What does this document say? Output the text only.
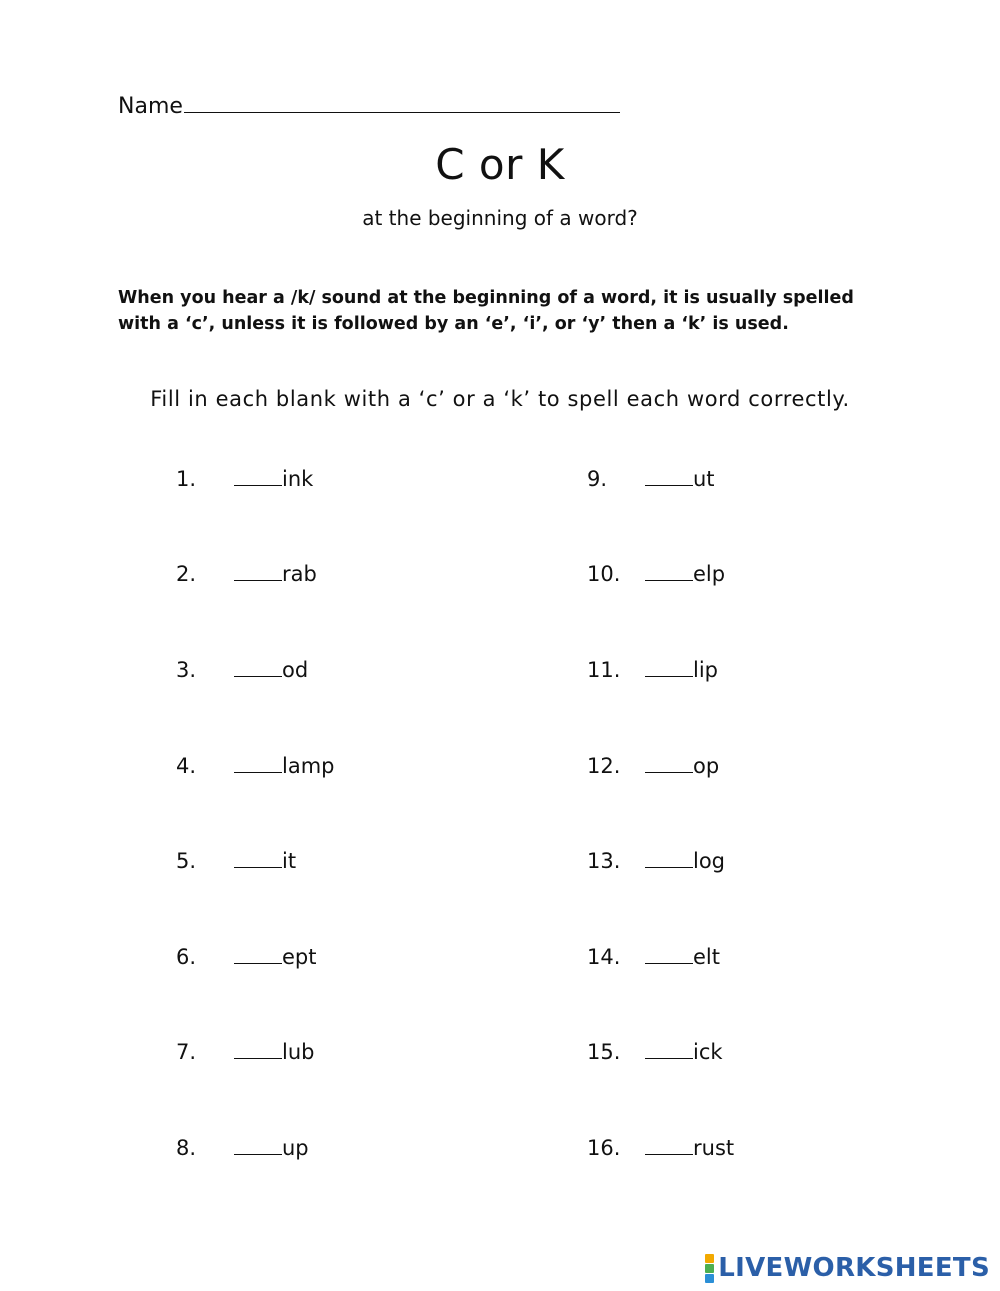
Name
C or K
at the beginning of a word?
When you hear a /k/ sound at the beginning of a word, it is usually spelled with a ‘c’, unless it is followed by an ‘e’, ‘i’, or ‘y’ then a ‘k’ is used.
Fill in each blank with a ‘c’ or a ‘k’ to spell each word correctly.
1.	ink
2.	rab
3.	od
4.	lamp
5.	it
6.	ept
7.	lub
8.	up
9.	ut
10.	elp
11.	lip
12.	op
13.	log
14.	elt
15.	ick
16.	rust
LIVEWORKSHEETS
